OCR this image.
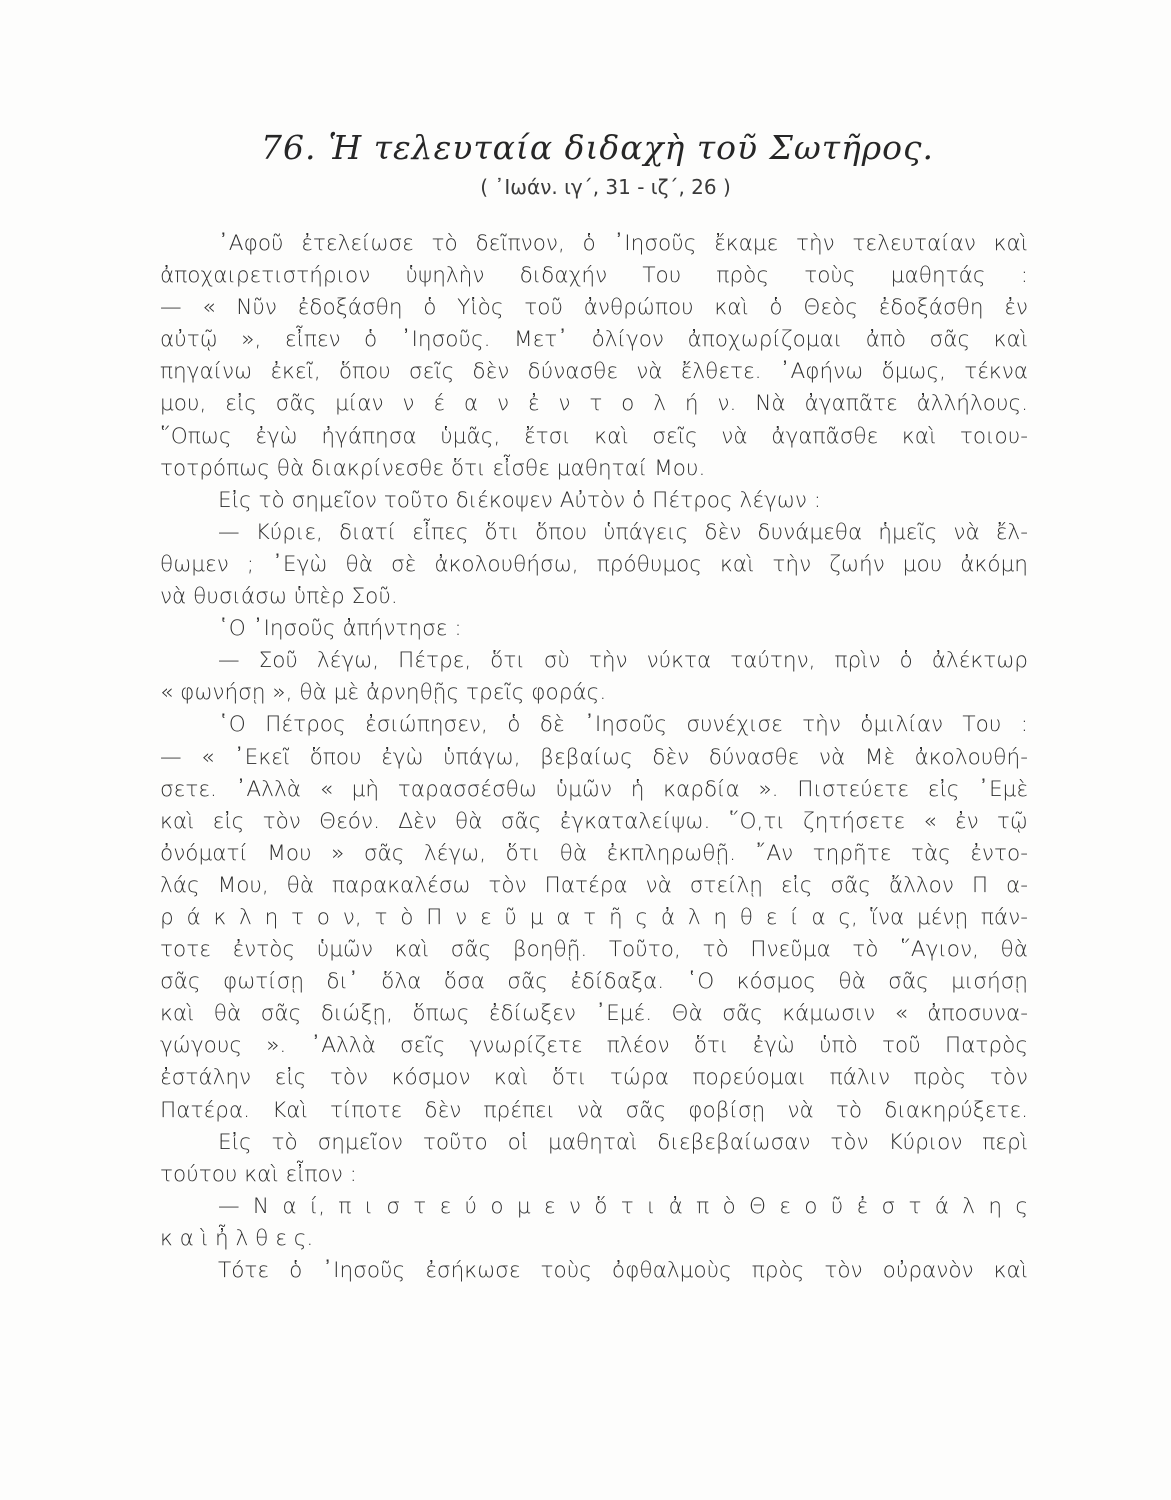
76. Ἡ τελευταία διδαχὴ τοῦ Σωτῆρος.
( ᾿Ιωάν. ιγ΄, 31 - ιζ΄, 26 )
᾿Αφοῦ ἐτελείωσε τὸ δεῖπνον, ὁ ᾿Ιησοῦς ἔκαμε τὴν τελευταίαν καὶ
ἀποχαιρετιστήριον ὑψηλὴν διδαχήν Του πρὸς τοὺς μαθητάς :
— « Νῦν ἐδοξάσθη ὁ Υἱὸς τοῦ ἀνθρώπου καὶ ὁ Θεὸς ἐδοξάσθη ἐν
αὐτῷ », εἶπεν ὁ ᾿Ιησοῦς. Μετ᾿ ὀλίγον ἀποχωρίζομαι ἀπὸ σᾶς καὶ
πηγαίνω ἐκεῖ, ὅπου σεῖς δὲν δύνασθε νὰ ἔλθετε. ᾿Αφήνω ὅμως, τέκνα
μου, εἰς σᾶς μίαν ν έ α ν ἐ ν τ ο λ ή ν. Νὰ ἀγαπᾶτε ἀλλήλους.
῞Οπως ἐγὼ ἠγάπησα ὑμᾶς, ἔτσι καὶ σεῖς νὰ ἀγαπᾶσθε καὶ τοιου-
τοτρόπως θὰ διακρίνεσθε ὅτι εἶσθε μαθηταί Μου.
Εἰς τὸ σημεῖον τοῦτο διέκοψεν Αὐτὸν ὁ Πέτρος λέγων :
— Κύριε, διατί εἶπες ὅτι ὅπου ὑπάγεις δὲν δυνάμεθα ἡμεῖς νὰ ἔλ-
θωμεν ; ᾿Εγὼ θὰ σὲ ἀκολουθήσω, πρόθυμος καὶ τὴν ζωήν μου ἀκόμη
νὰ θυσιάσω ὑπὲρ Σοῦ.
῾Ο ᾿Ιησοῦς ἀπήντησε :
— Σοῦ λέγω, Πέτρε, ὅτι σὺ τὴν νύκτα ταύτην, πρὶν ὁ ἀλέκτωρ
« φωνήσῃ », θὰ μὲ ἀρνηθῇς τρεῖς φοράς.
῾Ο Πέτρος ἐσιώπησεν, ὁ δὲ ᾿Ιησοῦς συνέχισε τὴν ὁμιλίαν Του :
— « ᾿Εκεῖ ὅπου ἐγὼ ὑπάγω, βεβαίως δὲν δύνασθε νὰ Μὲ ἀκολουθή-
σετε. ᾿Αλλὰ « μὴ ταρασσέσθω ὑμῶν ἡ καρδία ». Πιστεύετε εἰς ᾿Εμὲ
καὶ εἰς τὸν Θεόν. Δὲν θὰ σᾶς ἐγκαταλείψω. ῞Ο,τι ζητήσετε « ἐν τῷ
ὀνόματί Μου » σᾶς λέγω, ὅτι θὰ ἐκπληρωθῇ. ῎Αν τηρῆτε τὰς ἐντο-
λάς Μου, θὰ παρακαλέσω τὸν Πατέρα νὰ στείλῃ εἰς σᾶς ἄλλον Π α-
ρ ά κ λ η τ ο ν, τ ὸ Π ν ε ῦ μ α τ ῆ ς ἀ λ η θ ε ί α ς, ἵνα μένῃ πάν-
τοτε ἐντὸς ὑμῶν καὶ σᾶς βοηθῇ. Τοῦτο, τὸ Πνεῦμα τὸ ῞Αγιον, θὰ
σᾶς φωτίσῃ δι᾿ ὅλα ὅσα σᾶς ἐδίδαξα. ῾Ο κόσμος θὰ σᾶς μισήσῃ
καὶ θὰ σᾶς διώξῃ, ὅπως ἐδίωξεν ᾿Εμέ. Θὰ σᾶς κάμωσιν « ἀποσυνα-
γώγους ». ᾿Αλλὰ σεῖς γνωρίζετε πλέον ὅτι ἐγὼ ὑπὸ τοῦ Πατρὸς
ἐστάλην εἰς τὸν κόσμον καὶ ὅτι τώρα πορεύομαι πάλιν πρὸς τὸν
Πατέρα. Καὶ τίποτε δὲν πρέπει νὰ σᾶς φοβίσῃ νὰ τὸ διακηρύξετε.
Εἰς τὸ σημεῖον τοῦτο οἱ μαθηταὶ διεβεβαίωσαν τὸν Κύριον περὶ
τούτου καὶ εἶπον :
— Ν α ί, π ι σ τ ε ύ ο μ ε ν ὅ τ ι ἀ π ὸ Θ ε ο ῦ ἐ σ τ ά λ η ς
κ α ὶ ἦ λ θ ε ς.
Τότε ὁ ᾿Ιησοῦς ἐσήκωσε τοὺς ὀφθαλμοὺς πρὸς τὸν οὐρανὸν καὶ
